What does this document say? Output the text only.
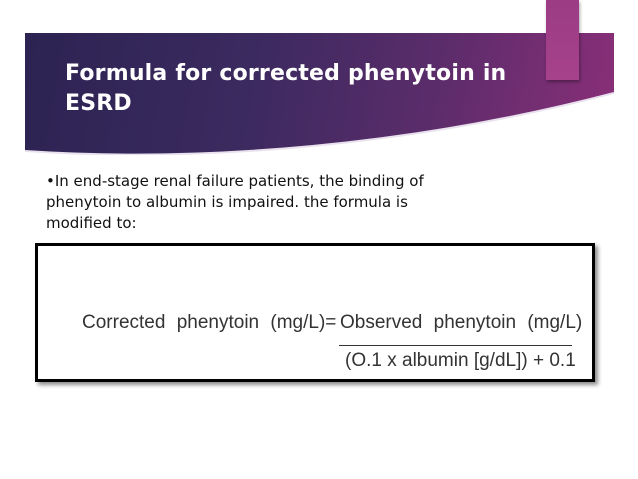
Formula for corrected phenytoin in ESRD

•In end-stage renal failure patients, the binding of phenytoin to albumin is impaired. the formula is modified to:

Corrected phenytoin (mg/L)= Observed phenytoin (mg/L)
(O.1 x albumin [g/dL]) + 0.1
